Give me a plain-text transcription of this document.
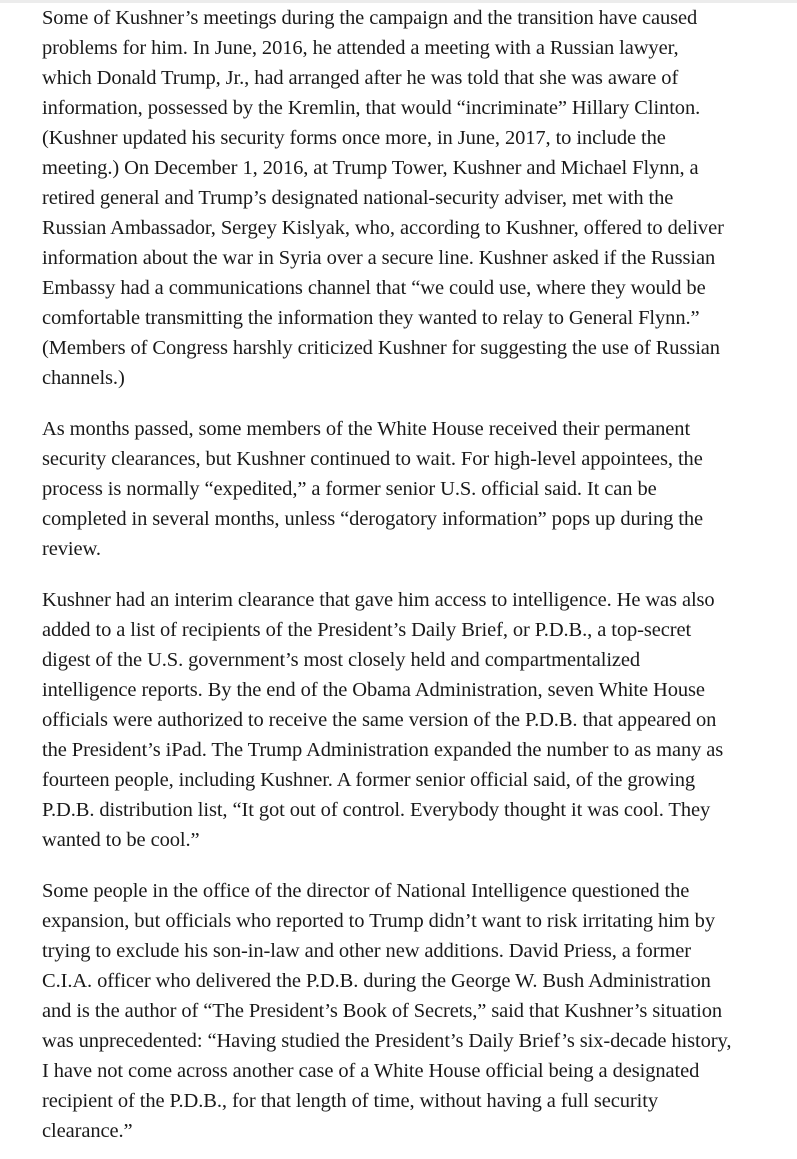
Some of Kushner’s meetings during the campaign and the transition have caused problems for him. In June, 2016, he attended a meeting with a Russian lawyer, which Donald Trump, Jr., had arranged after he was told that she was aware of information, possessed by the Kremlin, that would “incriminate” Hillary Clinton. (Kushner updated his security forms once more, in June, 2017, to include the meeting.) On December 1, 2016, at Trump Tower, Kushner and Michael Flynn, a retired general and Trump’s designated national-security adviser, met with the Russian Ambassador, Sergey Kislyak, who, according to Kushner, offered to deliver information about the war in Syria over a secure line. Kushner asked if the Russian Embassy had a communications channel that “we could use, where they would be comfortable transmitting the information they wanted to relay to General Flynn.” (Members of Congress harshly criticized Kushner for suggesting the use of Russian channels.)

As months passed, some members of the White House received their permanent security clearances, but Kushner continued to wait. For high-level appointees, the process is normally “expedited,” a former senior U.S. official said. It can be completed in several months, unless “derogatory information” pops up during the review.

Kushner had an interim clearance that gave him access to intelligence. He was also added to a list of recipients of the President’s Daily Brief, or P.D.B., a top-secret digest of the U.S. government’s most closely held and compartmentalized intelligence reports. By the end of the Obama Administration, seven White House officials were authorized to receive the same version of the P.D.B. that appeared on the President’s iPad. The Trump Administration expanded the number to as many as fourteen people, including Kushner. A former senior official said, of the growing P.D.B. distribution list, “It got out of control. Everybody thought it was cool. They wanted to be cool.”

Some people in the office of the director of National Intelligence questioned the expansion, but officials who reported to Trump didn’t want to risk irritating him by trying to exclude his son-in-law and other new additions. David Priess, a former C.I.A. officer who delivered the P.D.B. during the George W. Bush Administration and is the author of “The President’s Book of Secrets,” said that Kushner’s situation was unprecedented: “Having studied the President’s Daily Brief’s six-decade history, I have not come across another case of a White House official being a designated recipient of the P.D.B., for that length of time, without having a full security clearance.”
